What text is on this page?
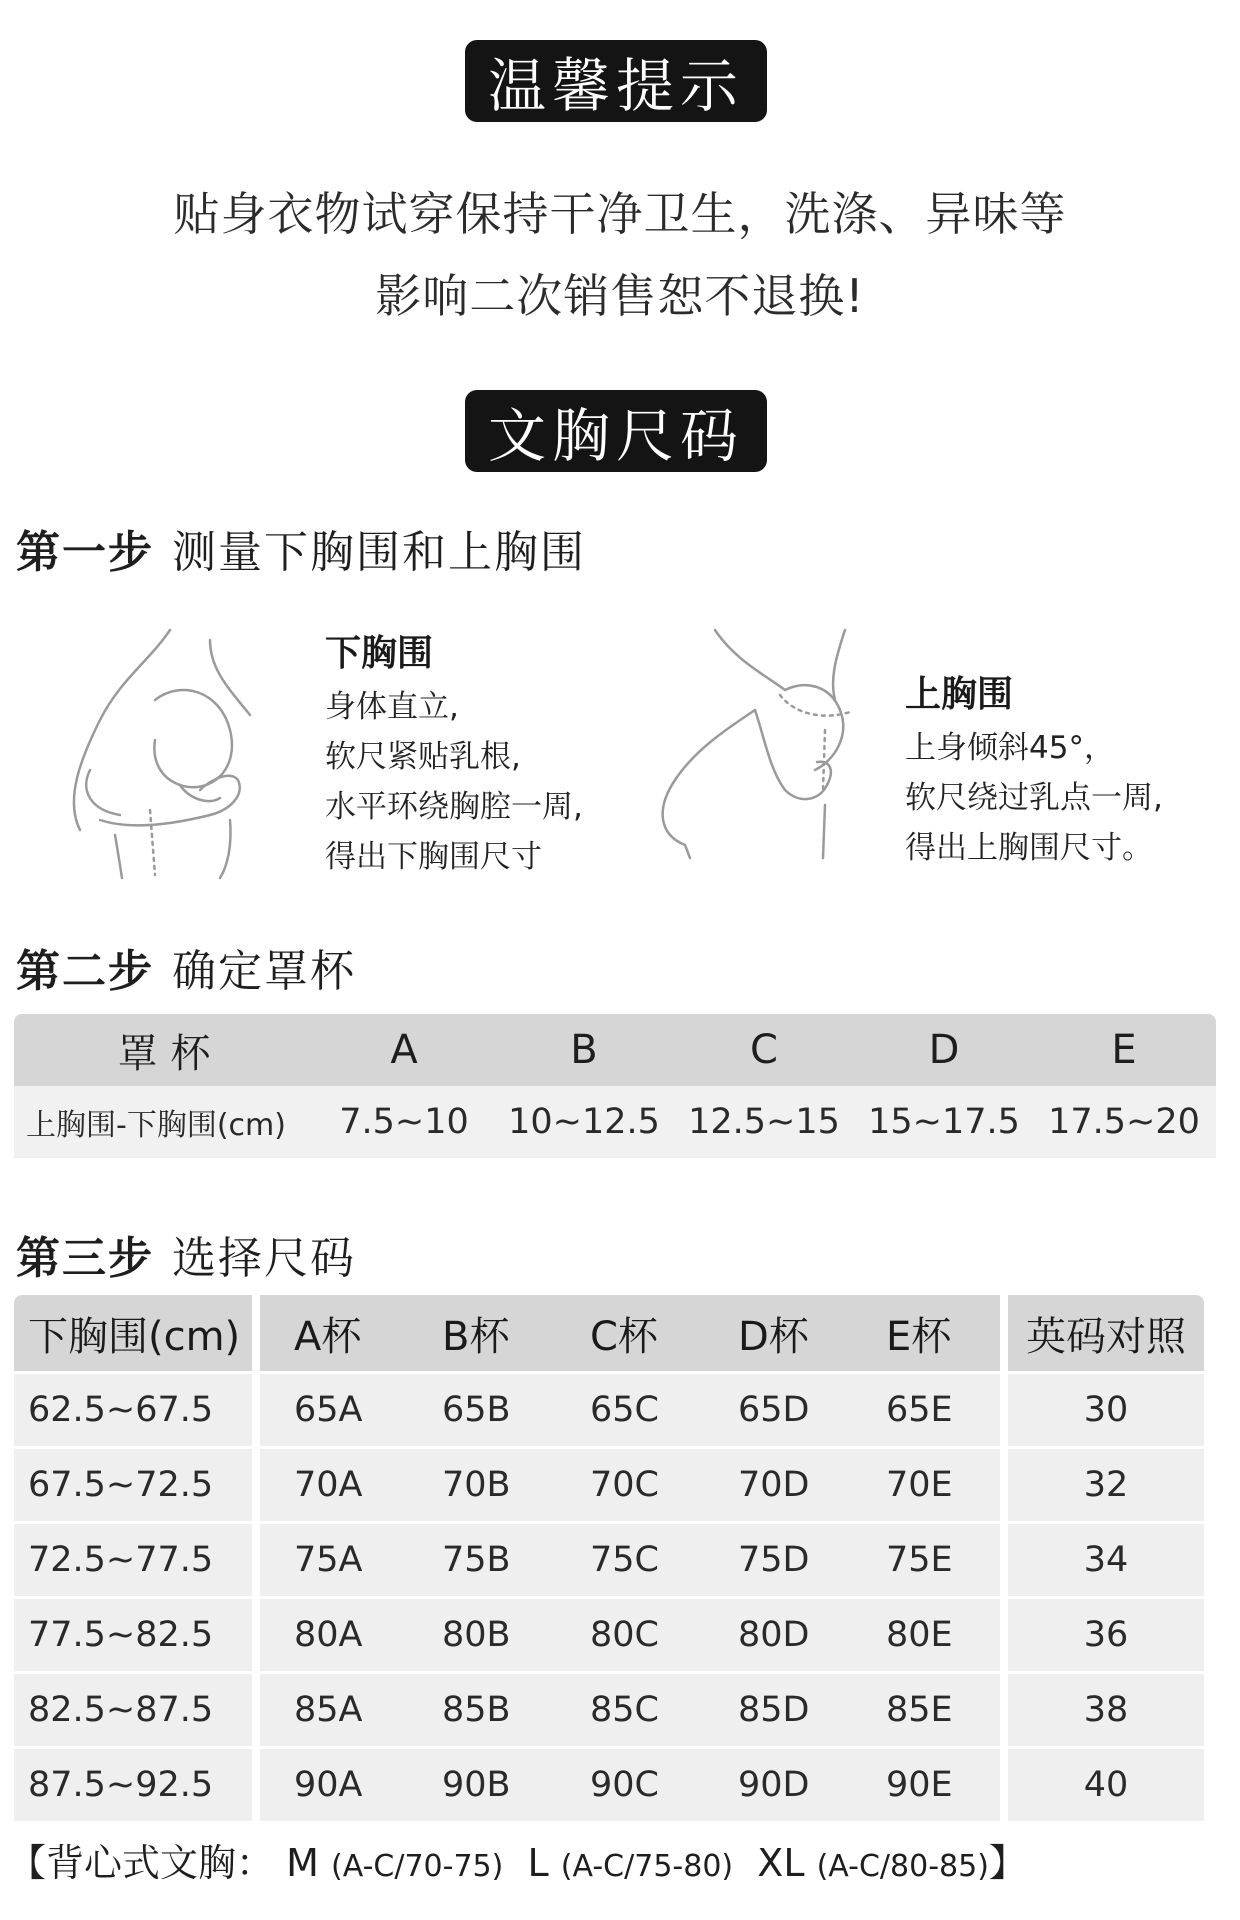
温馨提示
贴身衣物试穿保持干净卫生，洗涤、异味等
影响二次销售恕不退换!
文胸尺码
第一步 测量下胸围和上胸围
下胸围
身体直立,
软尺紧贴乳根,
水平环绕胸腔一周,
得出下胸围尺寸
上胸围
上身倾斜45°，
软尺绕过乳点一周,
得出上胸围尺寸。
第二步 确定罩杯
罩 杯	A	B	C	D	E
上胸围-下胸围(cm)	7.5~10	10~12.5 12.5~15 15~17.5 17.5~20
第三步 选择尺码
下胸围(cm)	A杯	B杯	C杯	D杯	E杯	英码对照
62.5~67.5	65A	65B	65C	65D	65E	30
67.5~72.5	70A	70B	70C	70D	70E	32
72.5~77.5	75A	75B	75C	75D	75E	34
77.5~82.5	80A	80B	80C	80D	80E	36
82.5~87.5	85A	85B	85C	85D	85E	38
87.5~92.5	90A	90B	90C	90D	90E	40
【背心式文胸： M (A-C/70-75) L (A-C/75-80) XL (A-C/80-85)】
